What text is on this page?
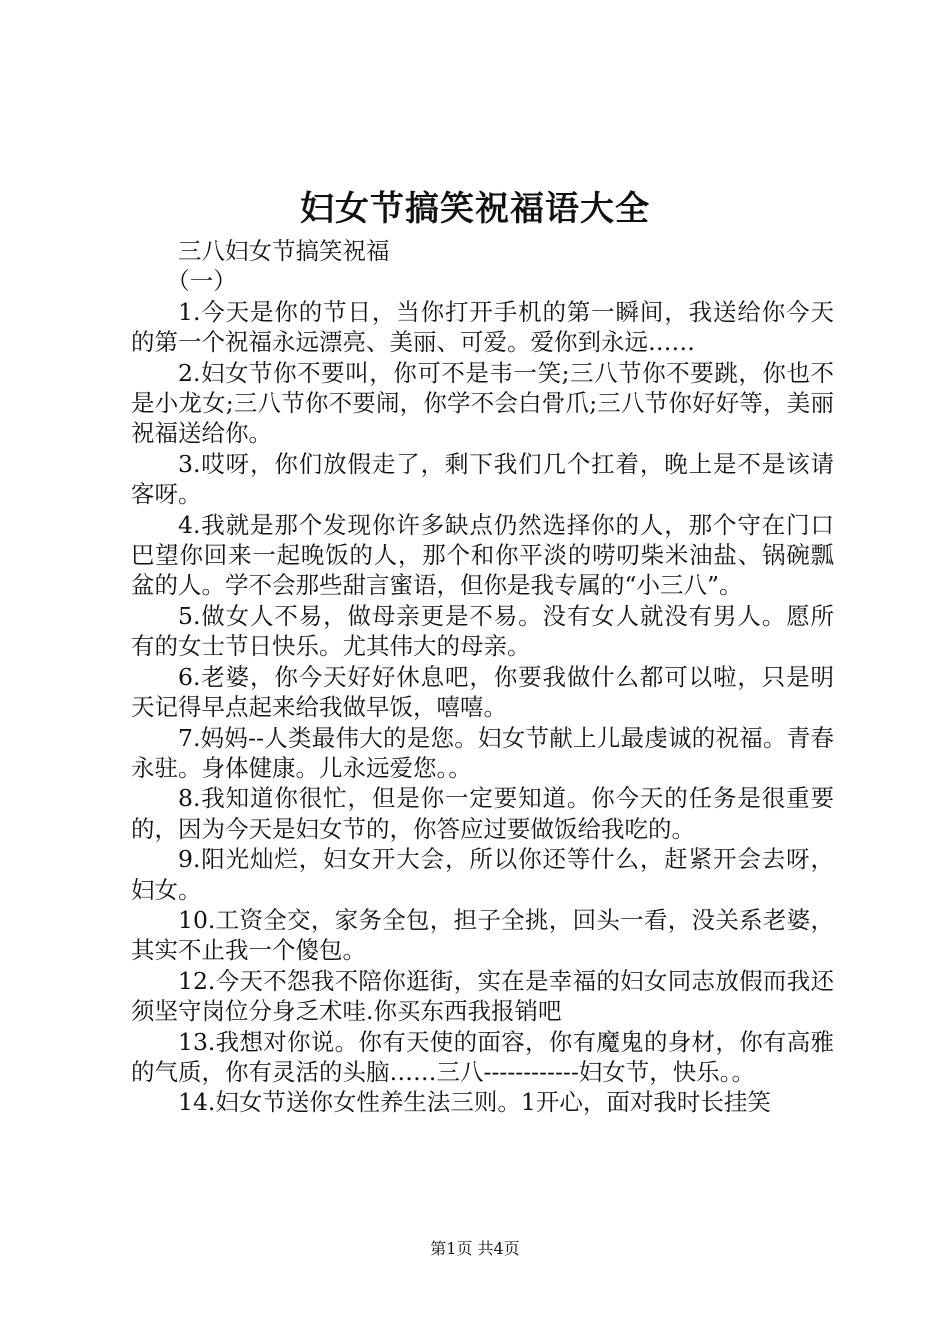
妇女节搞笑祝福语大全

三八妇女节搞笑祝福

（一）

1.今天是你的节日，当你打开手机的第一瞬间，我送给你今天的第一个祝福永远漂亮、美丽、可爱。爱你到永远……

2.妇女节你不要叫，你可不是韦一笑;三八节你不要跳，你也不是小龙女;三八节你不要闹，你学不会白骨爪;三八节你好好等，美丽祝福送给你。

3.哎呀，你们放假走了，剩下我们几个扛着，晚上是不是该请客呀。

4.我就是那个发现你许多缺点仍然选择你的人，那个守在门口巴望你回来一起晚饭的人，那个和你平淡的唠叨柴米油盐、锅碗瓢盆的人。学不会那些甜言蜜语，但你是我专属的“小三八”。

5.做女人不易，做母亲更是不易。没有女人就没有男人。愿所有的女士节日快乐。尤其伟大的母亲。

6.老婆，你今天好好休息吧，你要我做什么都可以啦，只是明天记得早点起来给我做早饭，嘻嘻。

7.妈妈--人类最伟大的是您。妇女节献上儿最虔诚的祝福。青春永驻。身体健康。儿永远爱您。。

8.我知道你很忙，但是你一定要知道。你今天的任务是很重要的，因为今天是妇女节的，你答应过要做饭给我吃的。

9.阳光灿烂，妇女开大会，所以你还等什么，赶紧开会去呀，妇女。

10.工资全交，家务全包，担子全挑，回头一看，没关系老婆，其实不止我一个傻包。

12.今天不怨我不陪你逛街，实在是幸福的妇女同志放假而我还须坚守岗位分身乏术哇.你买东西我报销吧

13.我想对你说。你有天使的面容，你有魔鬼的身材，你有高雅的气质，你有灵活的头脑……三八------------妇女节，快乐。。

14.妇女节送你女性养生法三则。1开心，面对我时长挂笑

第1页 共4页
